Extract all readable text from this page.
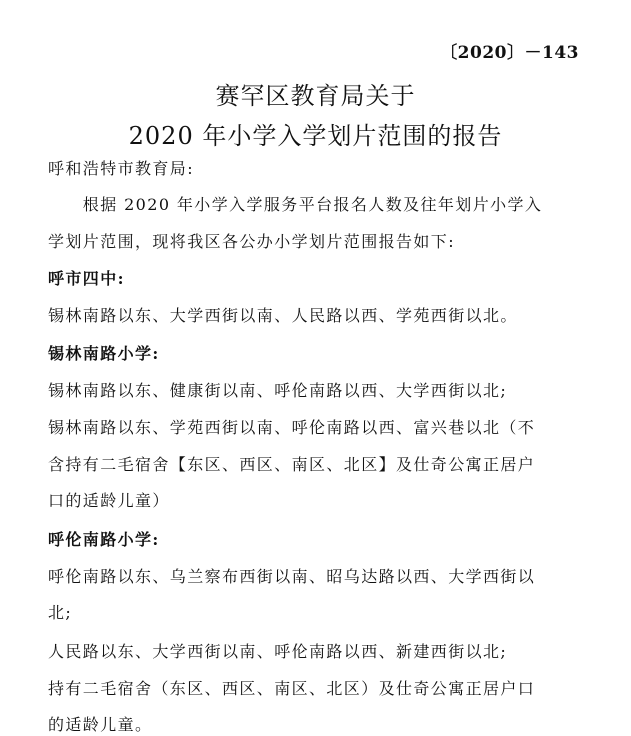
〔2020〕－143
赛罕区教育局关于
2020 年小学入学划片范围的报告
呼和浩特市教育局:
　　根据 2020 年小学入学服务平台报名人数及往年划片小学入
学划片范围，现将我区各公办小学划片范围报告如下:
呼市四中:
锡林南路以东、大学西街以南、人民路以西、学苑西街以北。
锡林南路小学:
锡林南路以东、健康街以南、呼伦南路以西、大学西街以北;
锡林南路以东、学苑西街以南、呼伦南路以西、富兴巷以北（不
含持有二毛宿舍【东区、西区、南区、北区】及仕奇公寓正居户
口的适龄儿童）
呼伦南路小学:
呼伦南路以东、乌兰察布西街以南、昭乌达路以西、大学西街以
北;
人民路以东、大学西街以南、呼伦南路以西、新建西街以北;
持有二毛宿舍（东区、西区、南区、北区）及仕奇公寓正居户口
的适龄儿童。
